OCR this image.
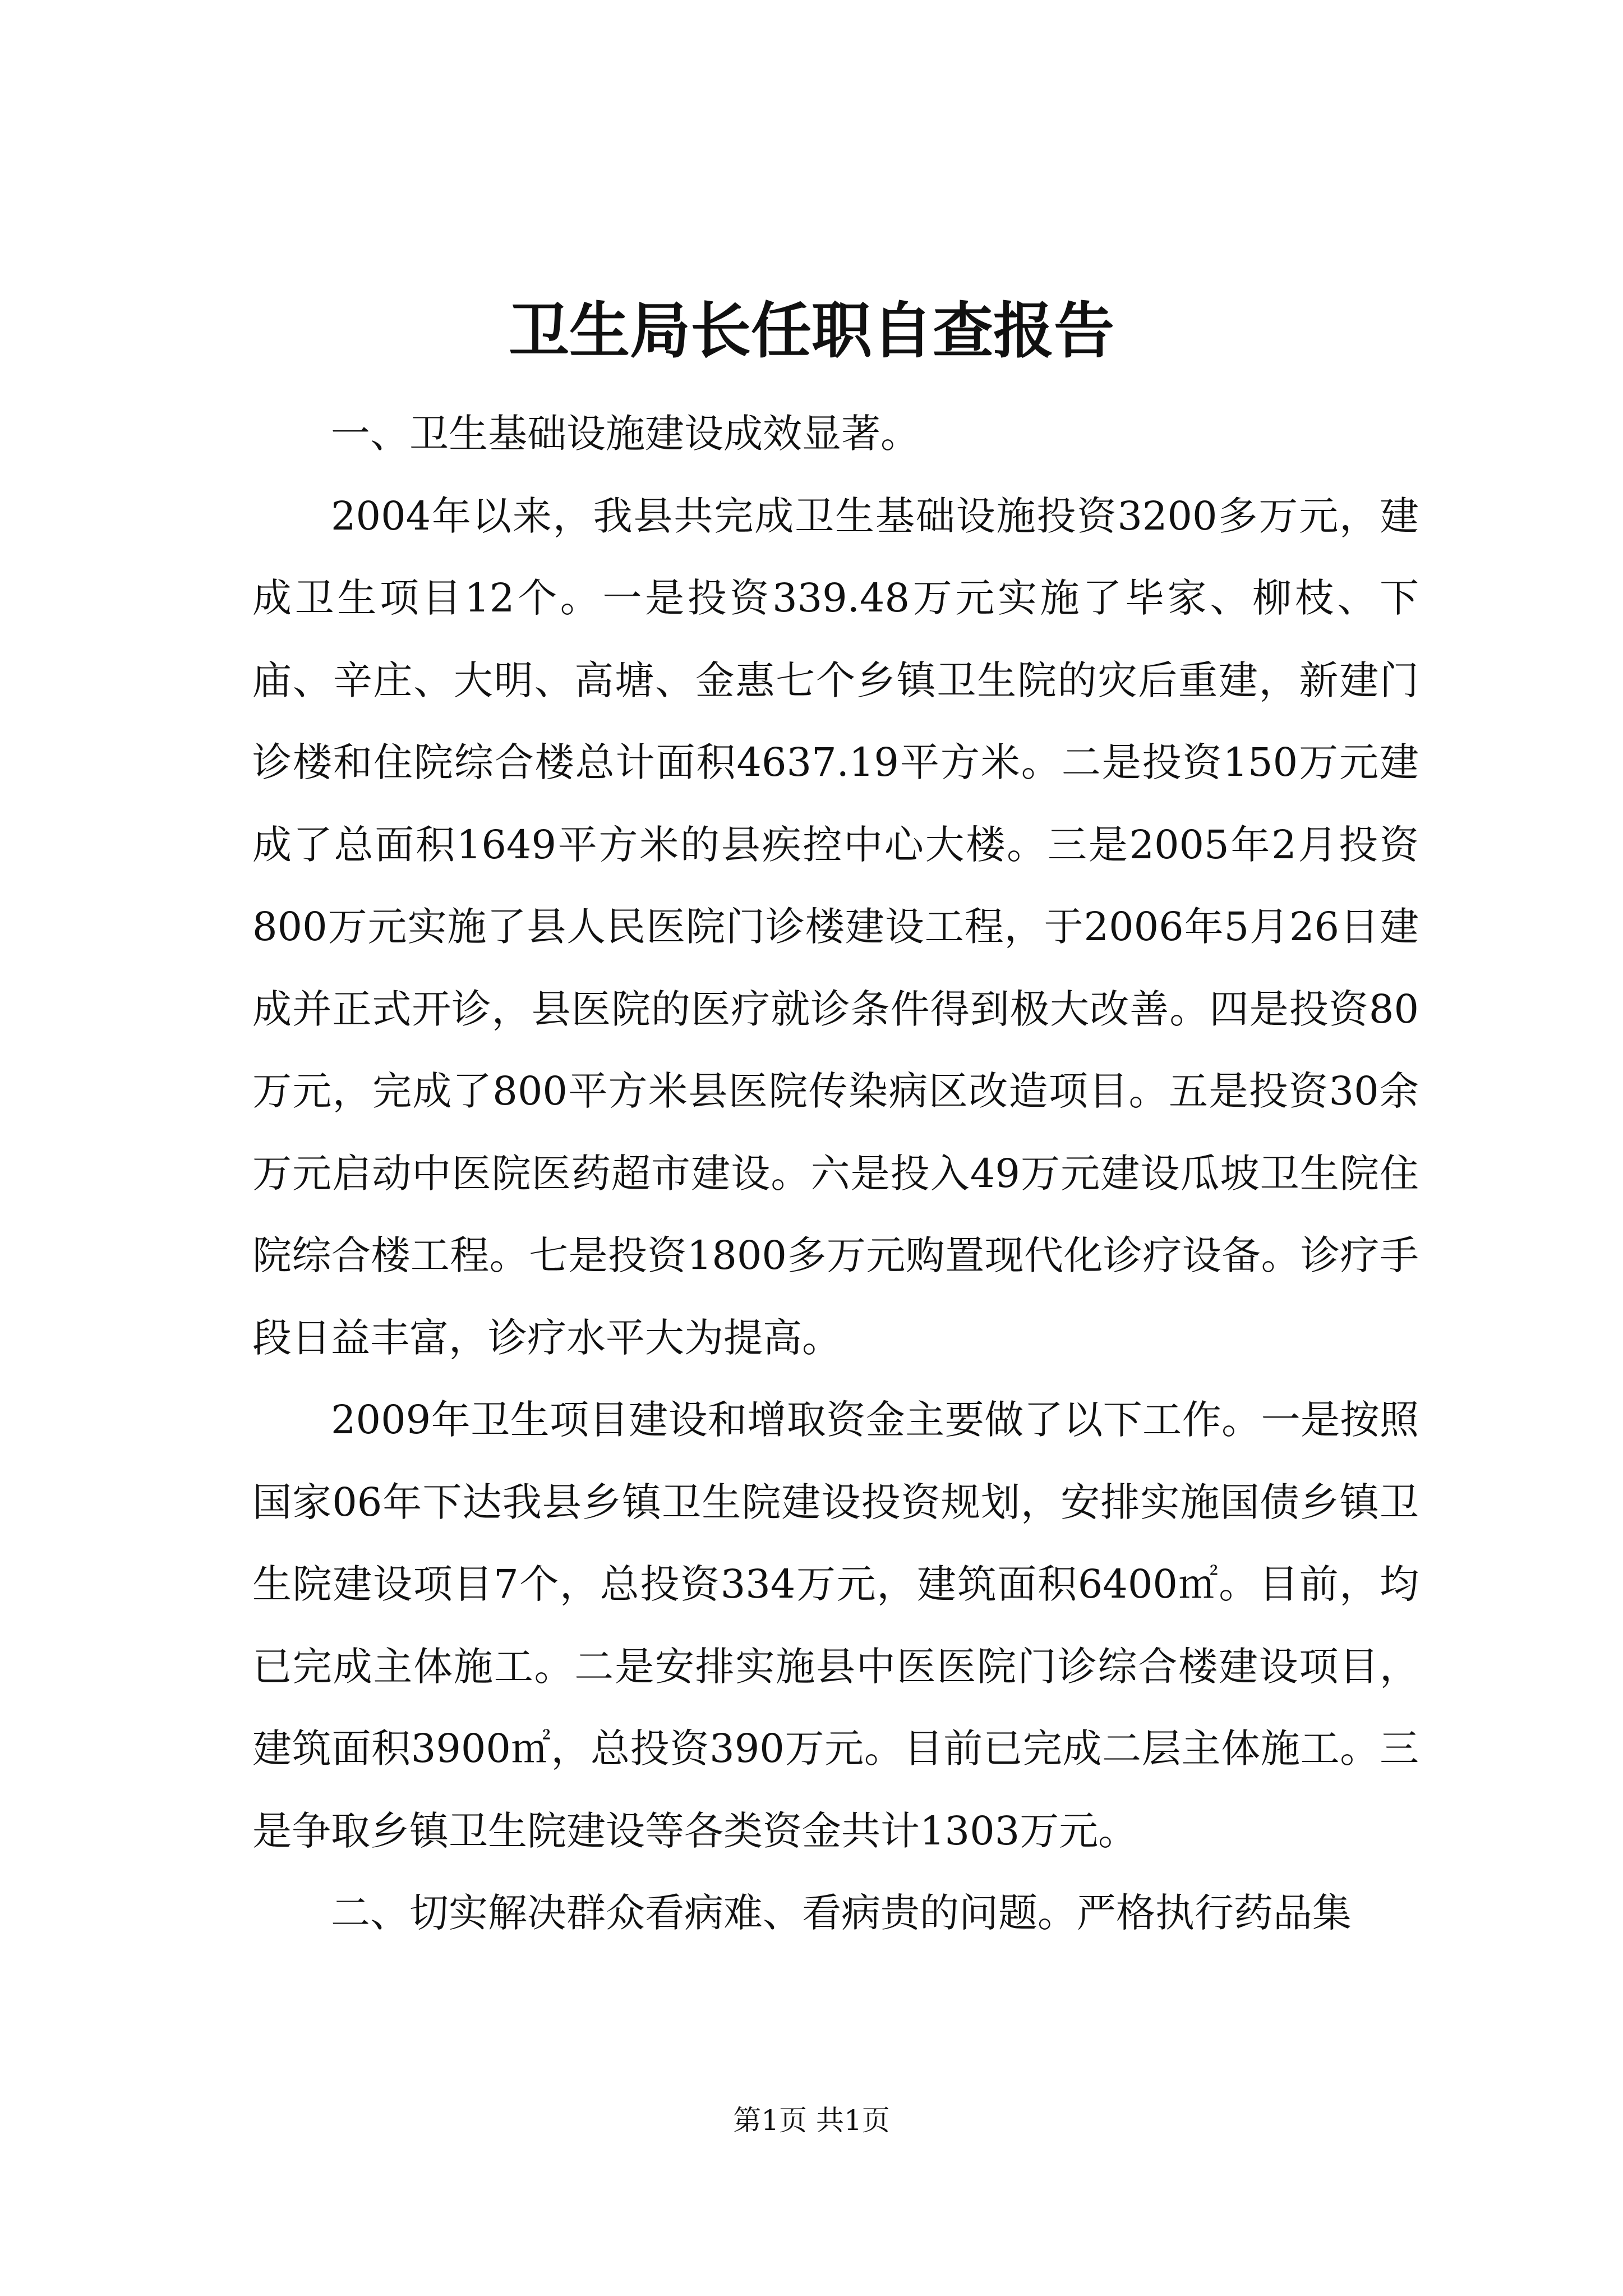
卫生局长任职自查报告

一、卫生基础设施建设成效显著。

2004年以来，我县共完成卫生基础设施投资3200多万元，建成卫生项目12个。一是投资339.48万元实施了毕家、柳枝、下庙、辛庄、大明、高塘、金惠七个乡镇卫生院的灾后重建，新建门诊楼和住院综合楼总计面积4637.19平方米。二是投资150万元建成了总面积1649平方米的县疾控中心大楼。三是2005年2月投资800万元实施了县人民医院门诊楼建设工程，于2006年5月26日建成并正式开诊，县医院的医疗就诊条件得到极大改善。四是投资80万元，完成了800平方米县医院传染病区改造项目。五是投资30余万元启动中医院医药超市建设。六是投入49万元建设瓜坡卫生院住院综合楼工程。七是投资1800多万元购置现代化诊疗设备。诊疗手段日益丰富，诊疗水平大为提高。

2009年卫生项目建设和增取资金主要做了以下工作。一是按照国家06年下达我县乡镇卫生院建设投资规划，安排实施国债乡镇卫生院建设项目7个，总投资334万元，建筑面积6400㎡。目前，均已完成主体施工。二是安排实施县中医医院门诊综合楼建设项目，建筑面积3900㎡，总投资390万元。目前已完成二层主体施工。三是争取乡镇卫生院建设等各类资金共计1303万元。

二、切实解决群众看病难、看病贵的问题。严格执行药品集

第1页 共1页
